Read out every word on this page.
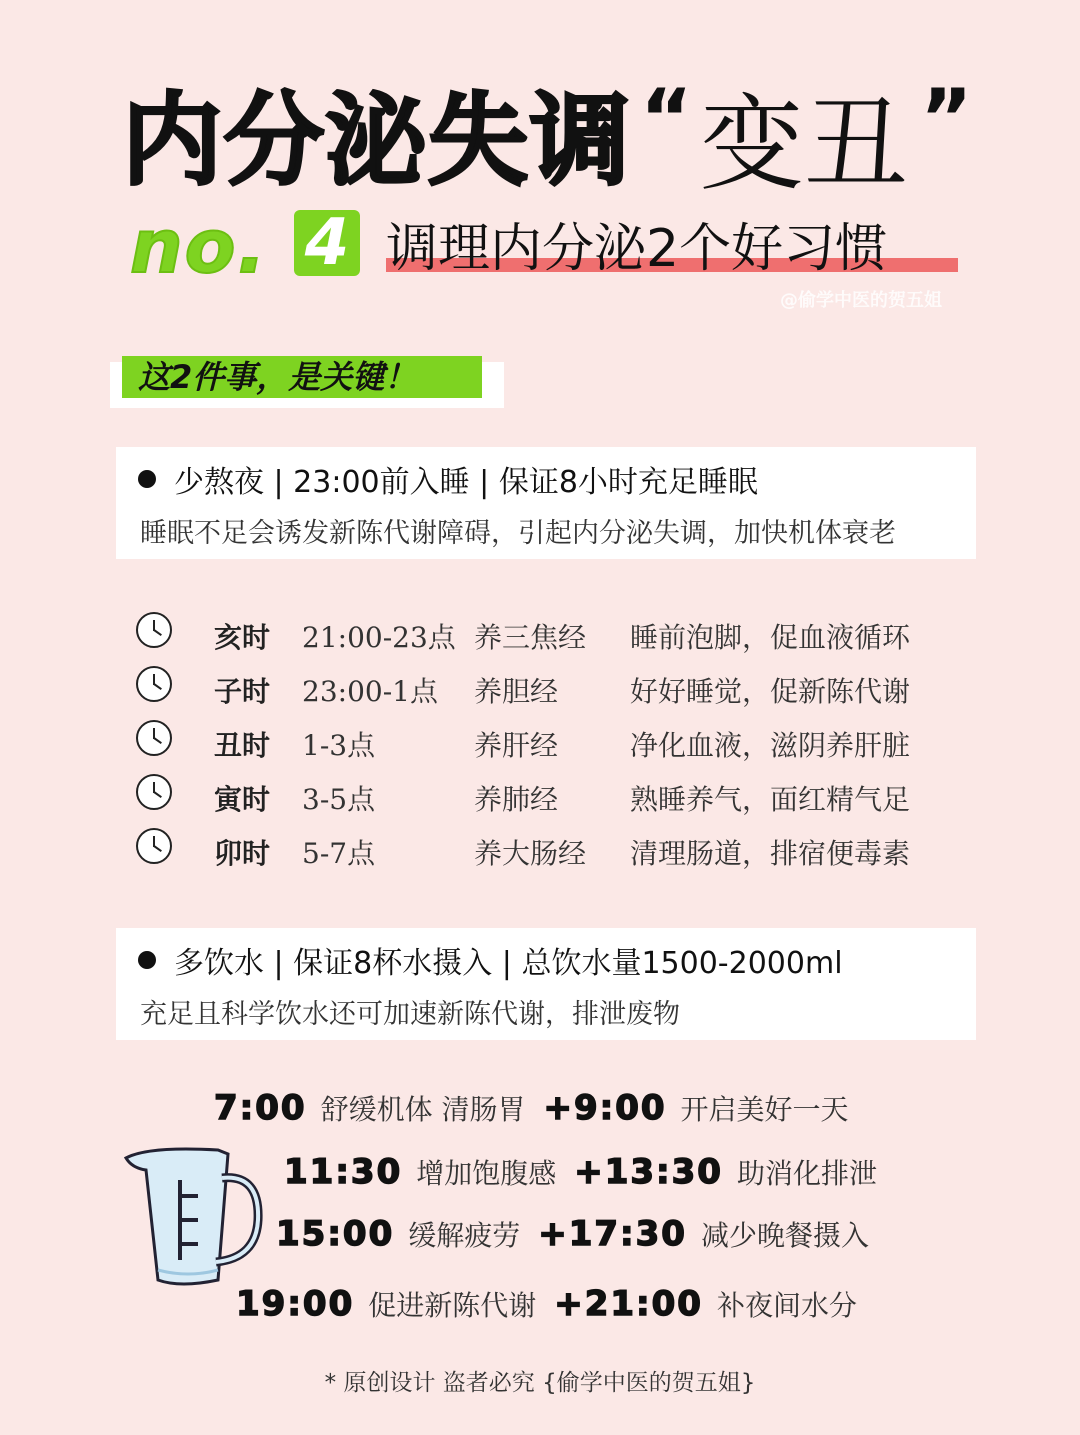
内分泌失调 “ 变丑 ”
no. 4 调理内分泌2个好习惯
@偷学中医的贺五姐
这2件事，是关键！
少熬夜 | 23:00前入睡 | 保证8小时充足睡眠
睡眠不足会诱发新陈代谢障碍，引起内分泌失调，加快机体衰老
亥时 21:00-23点 养三焦经 睡前泡脚，促血液循环
子时 23:00-1点 养胆经	好好睡觉，促新陈代谢
丑时 1-3点	养肝经	净化血液，滋阴养肝脏
寅时 3-5点	养肺经	熟睡养气，面红精气足
卯时 5-7点	养大肠经 清理肠道，排宿便毒素
多饮水 | 保证8杯水摄入 | 总饮水量1500-2000ml
充足且科学饮水还可加速新陈代谢，排泄废物
7:00 舒缓机体 清肠胃 +9:00 开启美好一天
11:30 增加饱腹感 +13:30 助消化排泄
15:00 缓解疲劳 +17:30 减少晚餐摄入
19:00 促进新陈代谢 +21:00 补夜间水分
* 原创设计 盗者必究 {偷学中医的贺五姐}
